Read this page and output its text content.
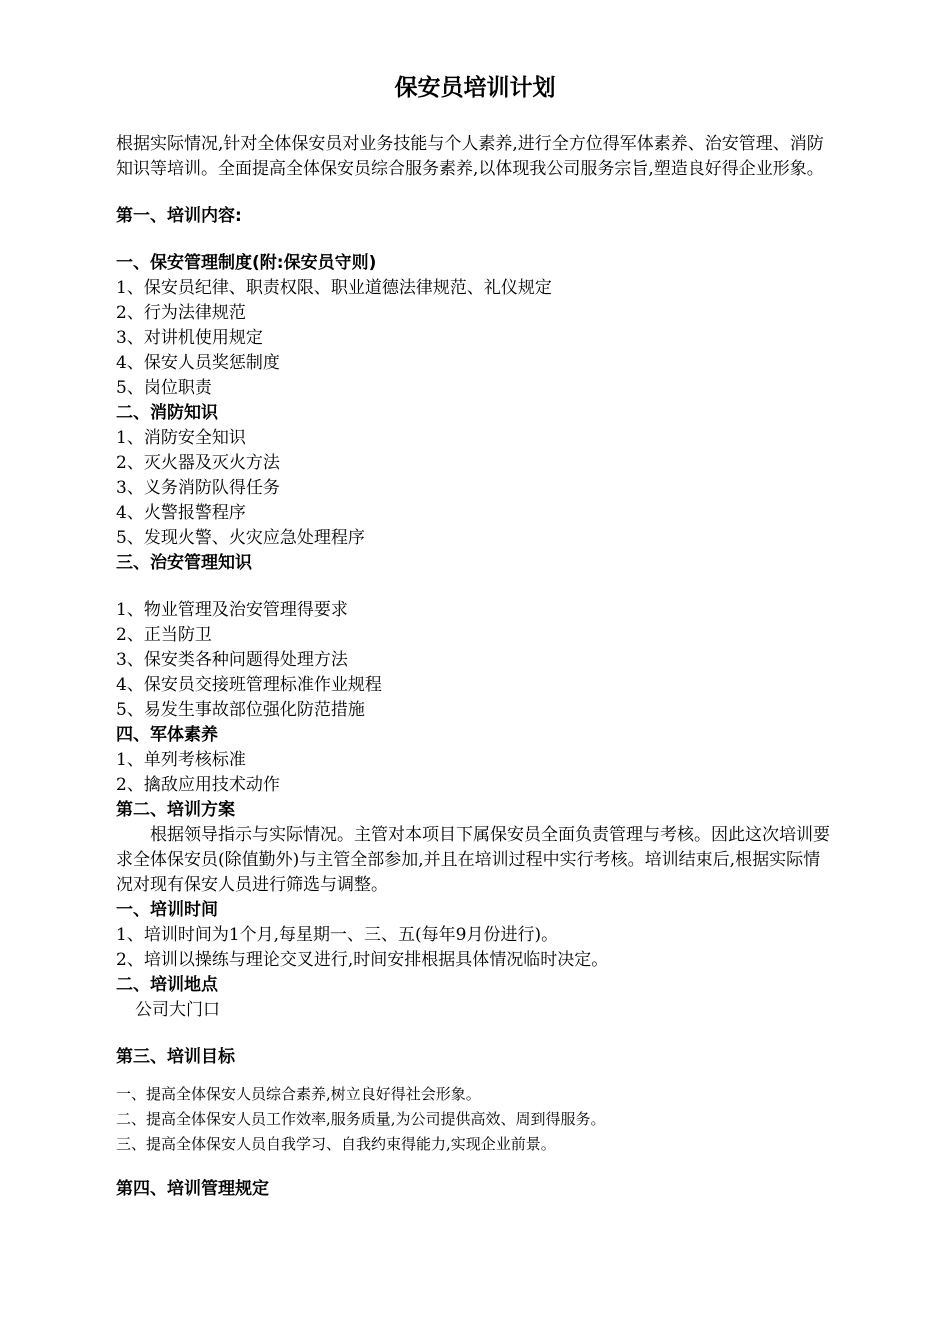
保安员培训计划

根据实际情况,针对全体保安员对业务技能与个人素养,进行全方位得军体素养、治安管理、消防知识等培训。全面提高全体保安员综合服务素养,以体现我公司服务宗旨,塑造良好得企业形象。

第一、培训内容:

一、保安管理制度(附:保安员守则)

1、保安员纪律、职责权限、职业道德法律规范、礼仪规定

2、行为法律规范

3、对讲机使用规定

4、保安人员奖惩制度

5、岗位职责

二、消防知识

1、消防安全知识

2、灭火器及灭火方法

3、义务消防队得任务

4、火警报警程序

5、发现火警、火灾应急处理程序

三、治安管理知识

1、物业管理及治安管理得要求

2、正当防卫

3、保安类各种问题得处理方法

4、保安员交接班管理标准作业规程

5、易发生事故部位强化防范措施

四、军体素养

1、单列考核标准

2、擒敌应用技术动作

第二、培训方案

根据领导指示与实际情况。主管对本项目下属保安员全面负责管理与考核。因此这次培训要求全体保安员(除值勤外)与主管全部参加,并且在培训过程中实行考核。培训结束后,根据实际情况对现有保安人员进行筛选与调整。

一、培训时间

1、培训时间为1个月,每星期一、三、五(每年9月份进行)。

2、培训以操练与理论交叉进行,时间安排根据具体情况临时决定。

二、培训地点

公司大门口

第三、培训目标

一、提高全体保安人员综合素养,树立良好得社会形象。

二、提高全体保安人员工作效率,服务质量,为公司提供高效、周到得服务。

三、提高全体保安人员自我学习、自我约束得能力,实现企业前景。

第四、培训管理规定
